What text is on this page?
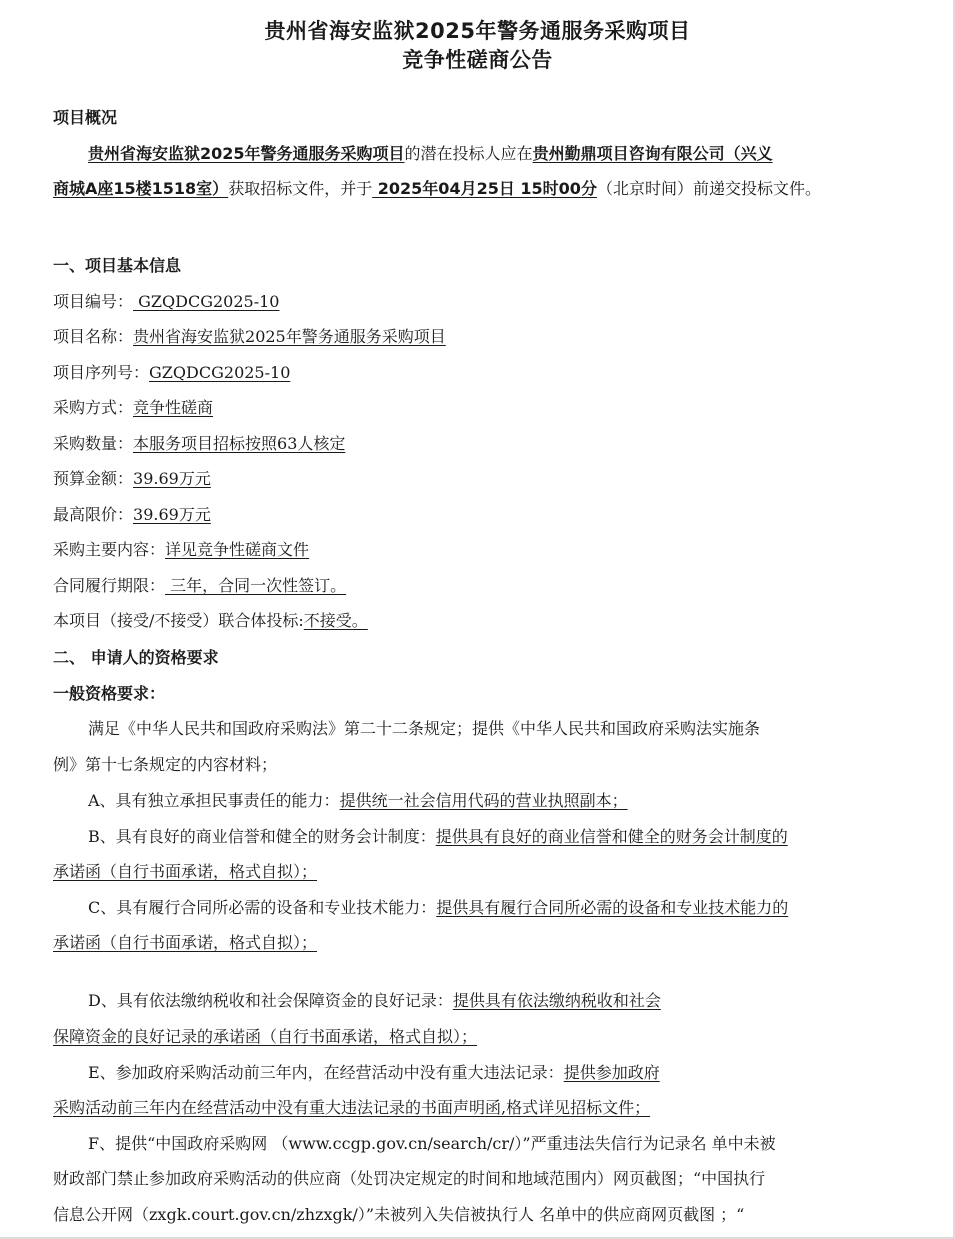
贵州省海安监狱2025年警务通服务采购项目
竞争性磋商公告
项目概况
贵州省海安监狱2025年警务通服务采购项目的潜在投标人应在贵州勤鼎项目咨询有限公司（兴义
商城A座15楼1518室）获取招标文件，并于 2025年04月25日 15时00分（北京时间）前递交投标文件。
一、项目基本信息
项目编号： GZQDCG2025-10
项目名称：贵州省海安监狱2025年警务通服务采购项目
项目序列号：GZQDCG2025-10
采购方式：竞争性磋商
采购数量：本服务项目招标按照63人核定
预算金额：39.69万元
最高限价：39.69万元
采购主要内容：详见竞争性磋商文件
合同履行期限： 三年，合同一次性签订。
本项目（接受/不接受）联合体投标:不接受。
二、 申请人的资格要求
一般资格要求：
满足《中华人民共和国政府采购法》第二十二条规定；提供《中华人民共和国政府采购法实施条
例》第十七条规定的内容材料；
A、具有独立承担民事责任的能力：提供统一社会信用代码的营业执照副本；
B、具有良好的商业信誉和健全的财务会计制度：提供具有良好的商业信誉和健全的财务会计制度的
承诺函（自行书面承诺，格式自拟）；
C、具有履行合同所必需的设备和专业技术能力：提供具有履行合同所必需的设备和专业技术能力的
承诺函（自行书面承诺，格式自拟）；
D、具有依法缴纳税收和社会保障资金的良好记录：提供具有依法缴纳税收和社会
保障资金的良好记录的承诺函（自行书面承诺，格式自拟）；
E、参加政府采购活动前三年内，在经营活动中没有重大违法记录：提供参加政府
采购活动前三年内在经营活动中没有重大违法记录的书面声明函,格式详见招标文件；
F、提供“中国政府采购网 （www.ccgp.gov.cn/search/cr/）”严重违法失信行为记录名 单中未被
财政部门禁止参加政府采购活动的供应商（处罚决定规定的时间和地域范围内）网页截图；“中国执行
信息公开网（zxgk.court.gov.cn/zhzxgk/）”未被列入失信被执行人 名单中的供应商网页截图 ；“
